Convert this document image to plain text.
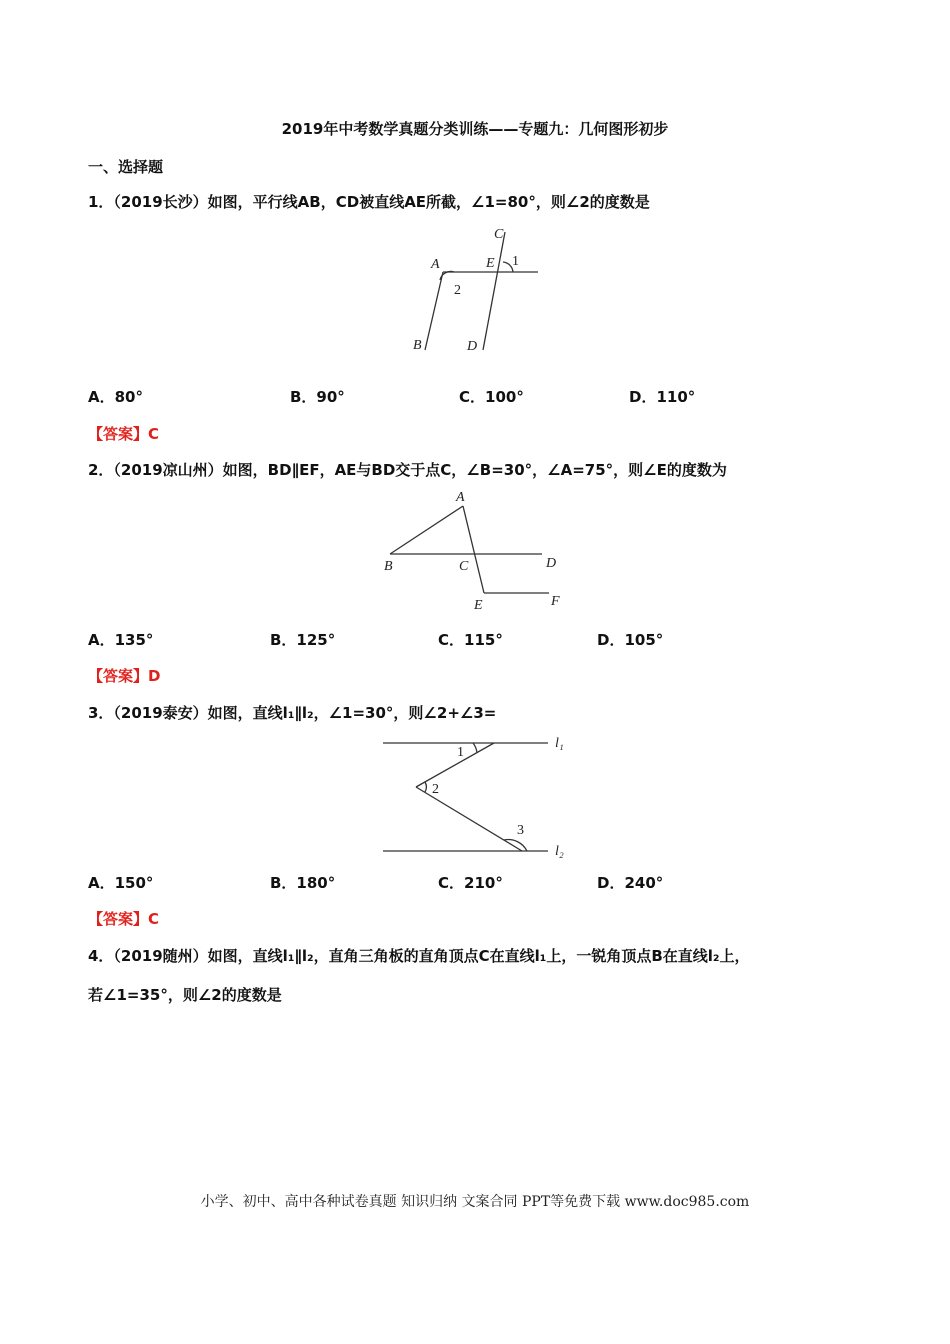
2019年中考数学真题分类训练——专题九：几何图形初步
一、选择题
1．（2019长沙）如图，平行线AB，CD被直线AE所截，∠1=80°，则∠2的度数是
A
B
C
D
E 1
2
A．80°	B．90°	C．100°	D．110°
【答案】C
2．（2019凉山州）如图，BD∥EF，AE与BD交于点C，∠B=30°，∠A=75°，则∠E的度数为
A
B	C	D
E	F
A．135°	B．125°	C．115°	D．105°
【答案】D
3．（2019泰安）如图，直线l₁∥l₂，∠1=30°，则∠2+∠3=
1
2
3
l₁
l₂
A．150°	B．180°	C．210°	D．240°
【答案】C
4．（2019随州）如图，直线l₁∥l₂，直角三角板的直角顶点C在直线l₁上，一锐角顶点B在直线l₂上，
若∠1=35°，则∠2的度数是
小学、初中、高中各种试卷真题 知识归纳 文案合同 PPT等免费下载 www.doc985.com
